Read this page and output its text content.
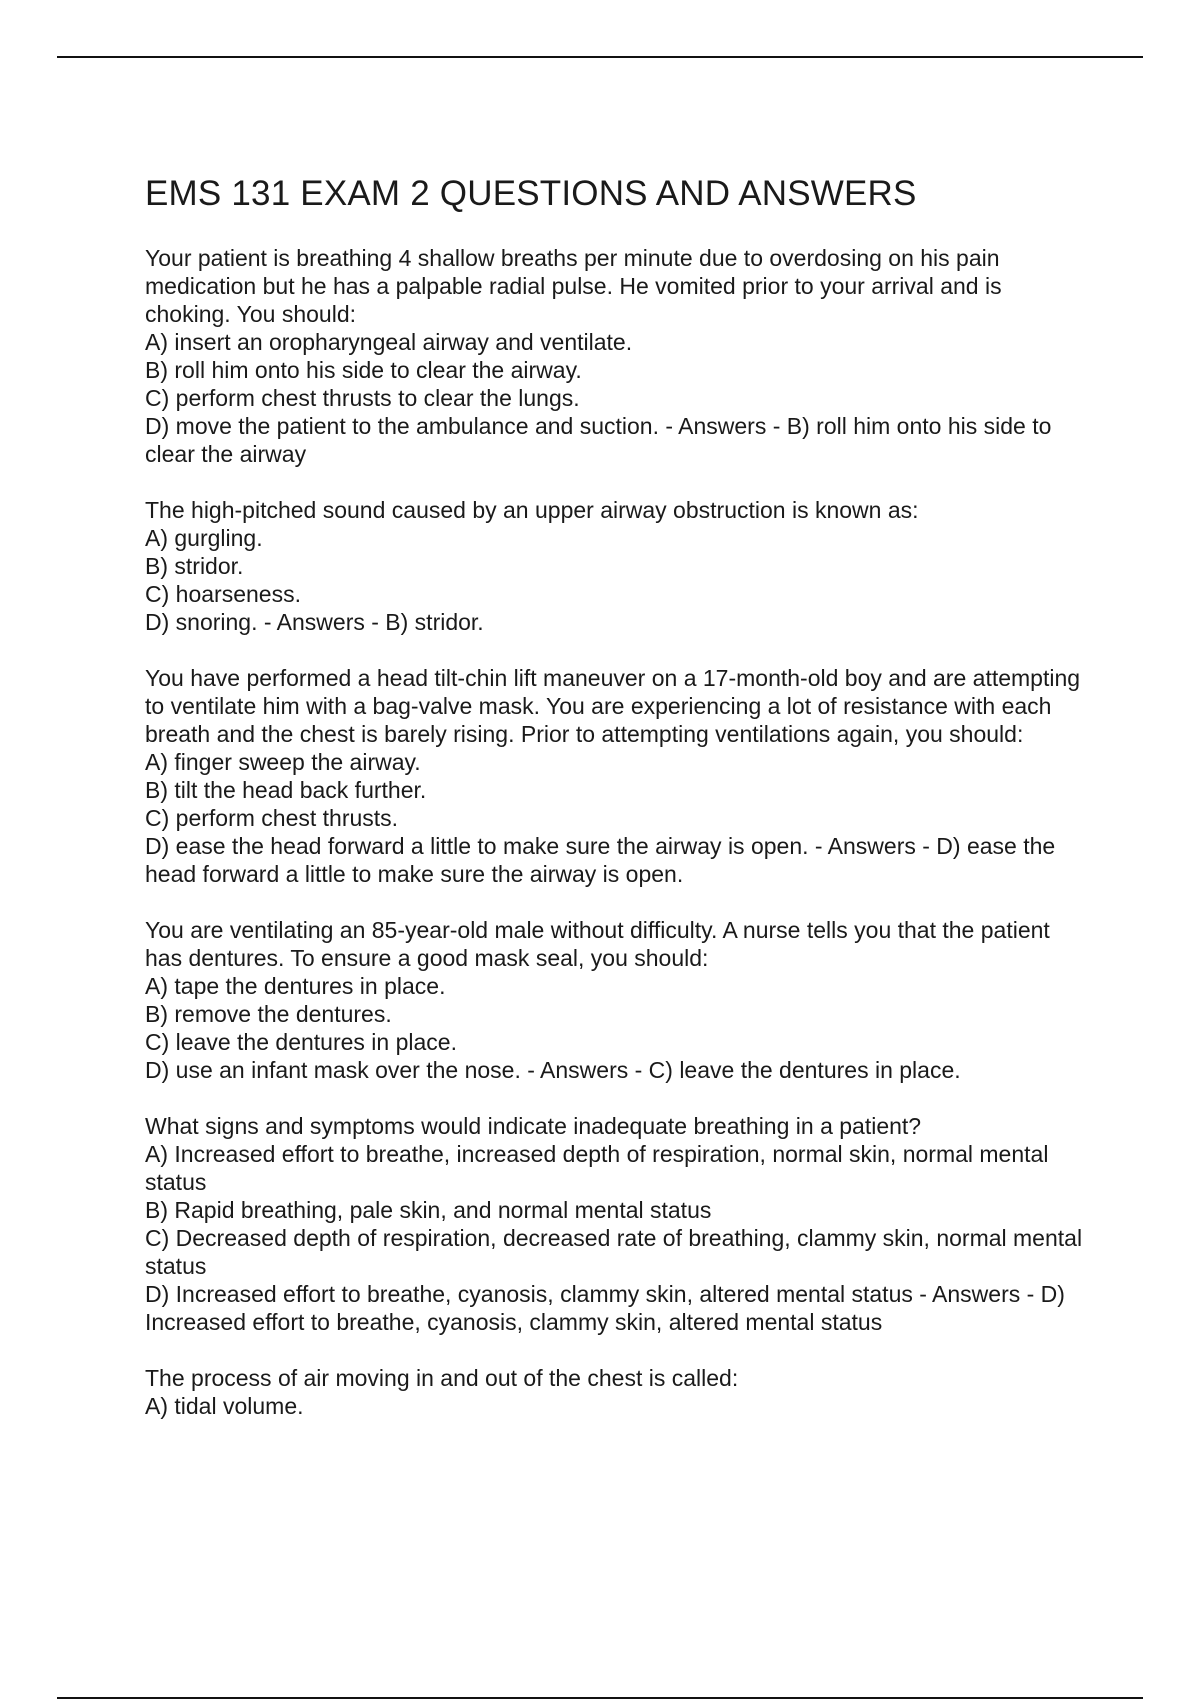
EMS 131 EXAM 2 QUESTIONS AND ANSWERS
Your patient is breathing 4 shallow breaths per minute due to overdosing on his pain medication but he has a palpable radial pulse. He vomited prior to your arrival and is choking. You should:
A) insert an oropharyngeal airway and ventilate.
B) roll him onto his side to clear the airway.
C) perform chest thrusts to clear the lungs.
D) move the patient to the ambulance and suction. - Answers - B) roll him onto his side to clear the airway
The high-pitched sound caused by an upper airway obstruction is known as:
A) gurgling.
B) stridor.
C) hoarseness.
D) snoring. - Answers - B) stridor.
You have performed a head tilt-chin lift maneuver on a 17-month-old boy and are attempting to ventilate him with a bag-valve mask. You are experiencing a lot of resistance with each breath and the chest is barely rising. Prior to attempting ventilations again, you should:
A) finger sweep the airway.
B) tilt the head back further.
C) perform chest thrusts.
D) ease the head forward a little to make sure the airway is open. - Answers - D) ease the head forward a little to make sure the airway is open.
You are ventilating an 85-year-old male without difficulty. A nurse tells you that the patient has dentures. To ensure a good mask seal, you should:
A) tape the dentures in place.
B) remove the dentures.
C) leave the dentures in place.
D) use an infant mask over the nose. - Answers - C) leave the dentures in place.
What signs and symptoms would indicate inadequate breathing in a patient?
A) Increased effort to breathe, increased depth of respiration, normal skin, normal mental status
B) Rapid breathing, pale skin, and normal mental status
C) Decreased depth of respiration, decreased rate of breathing, clammy skin, normal mental status
D) Increased effort to breathe, cyanosis, clammy skin, altered mental status - Answers - D) Increased effort to breathe, cyanosis, clammy skin, altered mental status
The process of air moving in and out of the chest is called:
A) tidal volume.
